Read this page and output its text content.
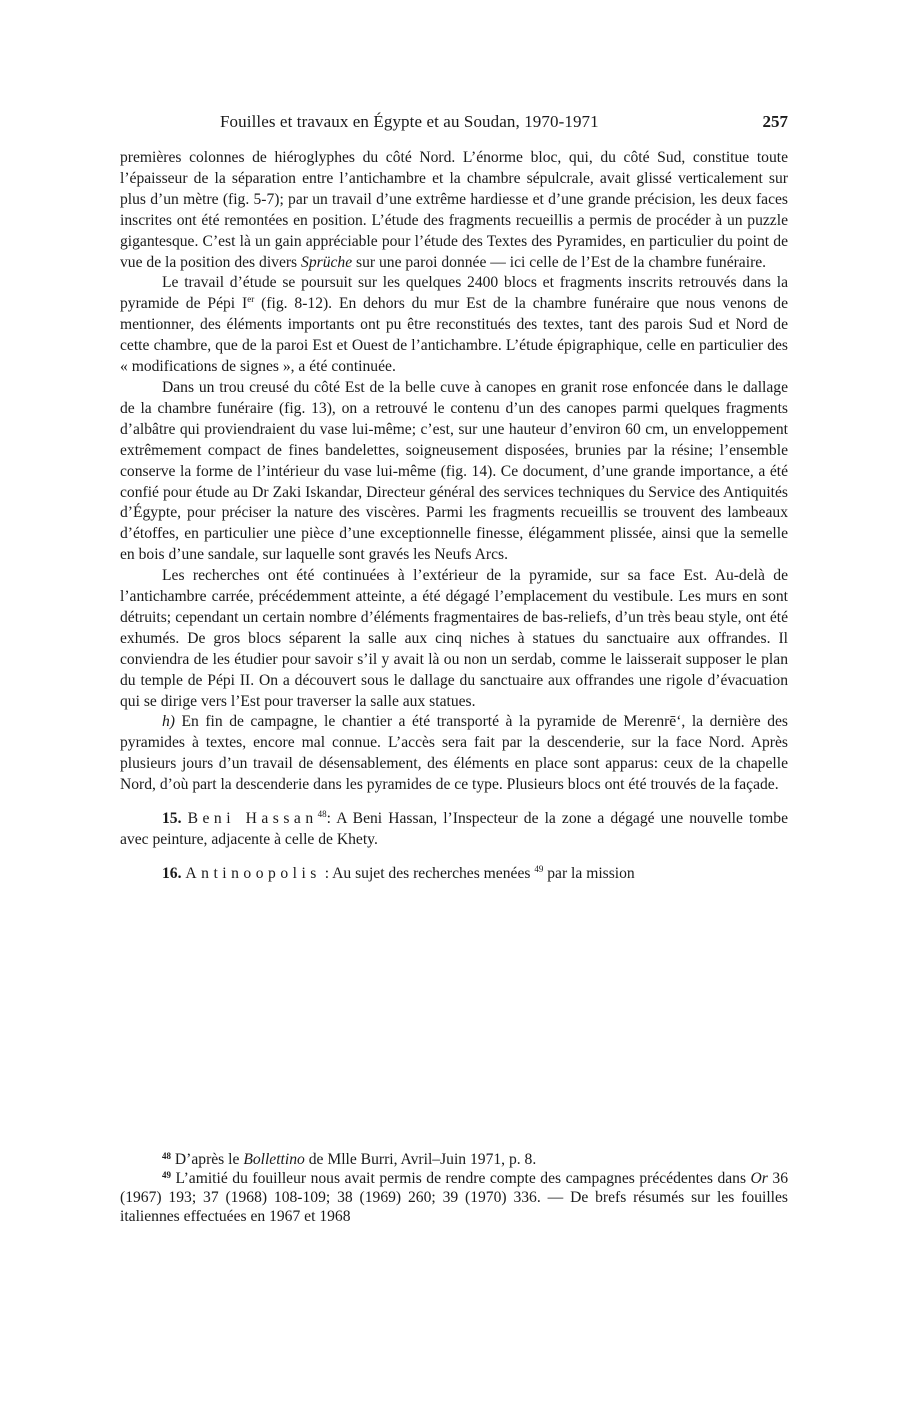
Fouilles et travaux en Égypte et au Soudan, 1970-1971	257

premières colonnes de hiéroglyphes du côté Nord. L’énorme bloc, qui, du côté Sud, constitue toute l’épaisseur de la séparation entre l’antichambre et la chambre sépulcrale, avait glissé verticalement sur plus d’un mètre (fig. 5-7); par un travail d’une extrême hardiesse et d’une grande précision, les deux faces inscrites ont été remontées en position. L’étude des fragments recueillis a permis de procéder à un puzzle gigantesque. C’est là un gain appréciable pour l’étude des Textes des Pyramides, en particulier du point de vue de la position des divers Sprüche sur une paroi donnée — ici celle de l’Est de la chambre funéraire.

Le travail d’étude se poursuit sur les quelques 2400 blocs et fragments inscrits retrouvés dans la pyramide de Pépi Ier (fig. 8-12). En dehors du mur Est de la chambre funéraire que nous venons de mentionner, des éléments importants ont pu être reconstitués des textes, tant des parois Sud et Nord de cette chambre, que de la paroi Est et Ouest de l’antichambre. L’étude épigraphique, celle en particulier des « modifications de signes », a été continuée.

Dans un trou creusé du côté Est de la belle cuve à canopes en granit rose enfoncée dans le dallage de la chambre funéraire (fig. 13), on a retrouvé le contenu d’un des canopes parmi quelques fragments d’albâtre qui proviendraient du vase lui-même; c’est, sur une hauteur d’environ 60 cm, un enveloppement extrêmement compact de fines bandelettes, soigneusement disposées, brunies par la résine; l’ensemble conserve la forme de l’intérieur du vase lui-même (fig. 14). Ce document, d’une grande importance, a été confié pour étude au Dr Zaki Iskandar, Directeur général des services techniques du Service des Antiquités d’Égypte, pour préciser la nature des viscères. Parmi les fragments recueillis se trouvent des lambeaux d’étoffes, en particulier une pièce d’une exceptionnelle finesse, élégamment plissée, ainsi que la semelle en bois d’une sandale, sur laquelle sont gravés les Neufs Arcs.

Les recherches ont été continuées à l’extérieur de la pyramide, sur sa face Est. Au-delà de l’antichambre carrée, précédemment atteinte, a été dégagé l’emplacement du vestibule. Les murs en sont détruits; cependant un certain nombre d’éléments fragmentaires de bas-reliefs, d’un très beau style, ont été exhumés. De gros blocs séparent la salle aux cinq niches à statues du sanctuaire aux offrandes. Il conviendra de les étudier pour savoir s’il y avait là ou non un serdab, comme le laisserait supposer le plan du temple de Pépi II. On a découvert sous le dallage du sanctuaire aux offrandes une rigole d’évacuation qui se dirige vers l’Est pour traverser la salle aux statues.

h) En fin de campagne, le chantier a été transporté à la pyramide de Merenrē‘, la dernière des pyramides à textes, encore mal connue. L’accès sera fait par la descenderie, sur la face Nord. Après plusieurs jours d’un travail de désensablement, des éléments en place sont apparus: ceux de la chapelle Nord, d’où part la descenderie dans les pyramides de ce type. Plusieurs blocs ont été trouvés de la façade.

15. Beni Hassan$^{48}$: A Beni Hassan, l’Inspecteur de la zone a dégagé une nouvelle tombe avec peinture, adjacente à celle de Khety.

16. Antinoopolis : Au sujet des recherches menées $^{49}$ par la mission

$^{48}$ D’après le Bollettino de Mlle Burri, Avril–Juin 1971, p. 8.

$^{49}$ L’amitié du fouilleur nous avait permis de rendre compte des campagnes précédentes dans Or 36 (1967) 193; 37 (1968) 108-109; 38 (1969) 260; 39 (1970) 336. — De brefs résumés sur les fouilles italiennes effectuées en 1967 et 1968
